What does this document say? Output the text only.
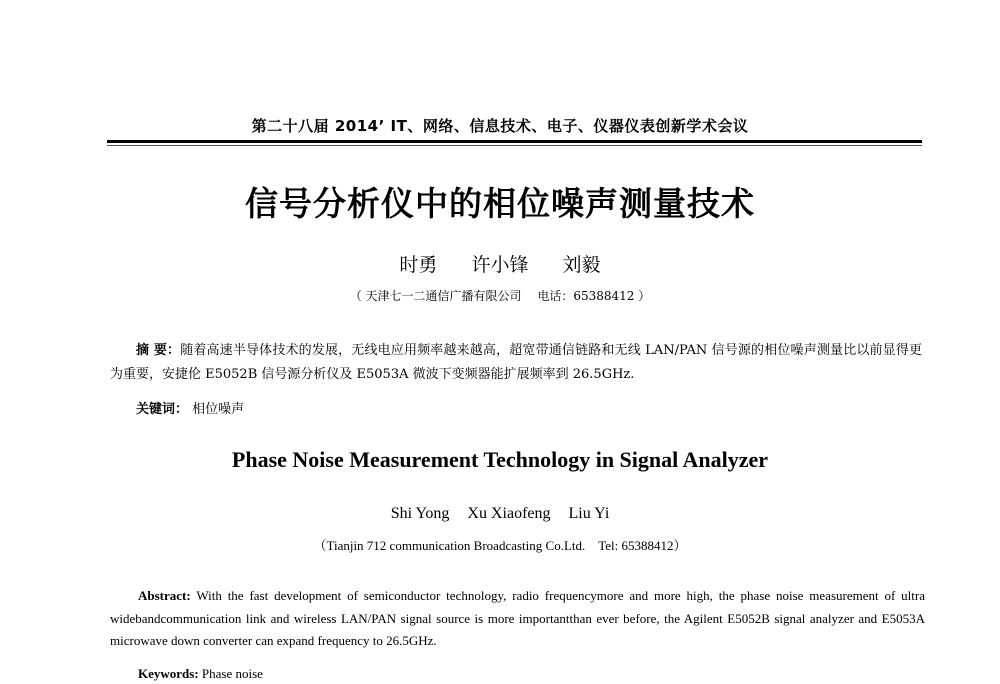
第二十八届 2014’ IT、网络、信息技术、电子、仪器仪表创新学术会议
信号分析仪中的相位噪声测量技术
时勇 许小锋 刘毅
（ 天津七一二通信广播有限公司　 电话：65388412 ）
摘 要：随着高速半导体技术的发展，无线电应用频率越来越高，超宽带通信链路和无线 LAN/PAN 信号源的相位噪声测量比以前显得更为重要，安捷伦 E5052B 信号源分析仪及 E5053A 微波下变频器能扩展频率到 26.5GHz.
关键词： 相位噪声
Phase Noise Measurement Technology in Signal Analyzer
Shi Yong Xu Xiaofeng Liu Yi
（Tianjin 712 communication Broadcasting Co.Ltd.　Tel: 65388412）
Abstract: With the fast development of semiconductor technology, radio frequencymore and more high, the phase noise measurement of ultra widebandcommunication link and wireless LAN/PAN signal source is more importantthan ever before, the Agilent E5052B signal analyzer and E5053A microwave down converter can expand frequency to 26.5GHz.
Keywords: Phase noise
